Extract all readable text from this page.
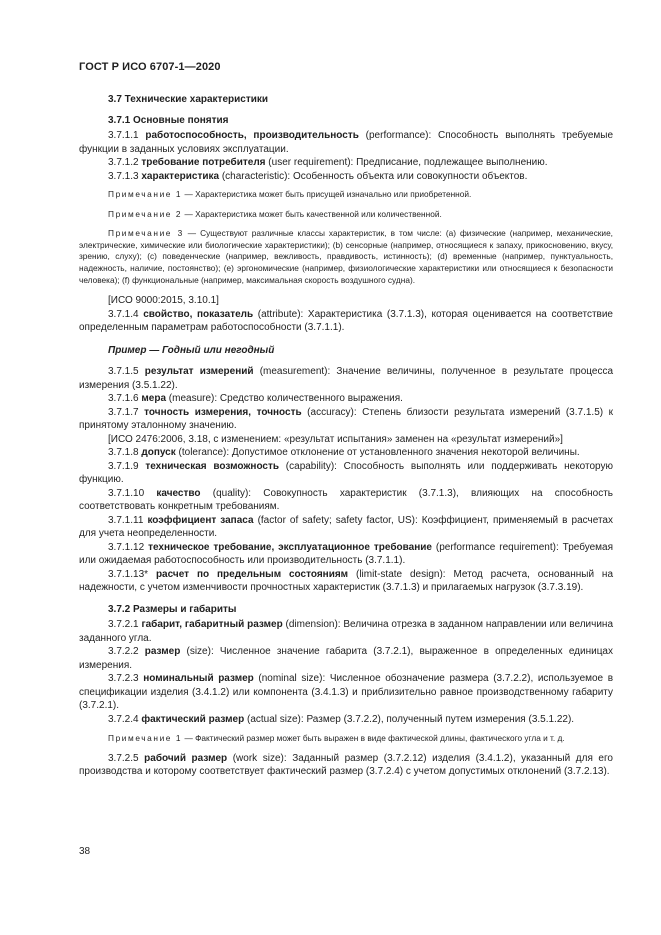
ГОСТ Р ИСО 6707-1—2020
3.7 Технические характеристики
3.7.1 Основные понятия
3.7.1.1 работоспособность, производительность (performance): Способность выполнять требуемые функции в заданных условиях эксплуатации.
3.7.1.2 требование потребителя (user requirement): Предписание, подлежащее выполнению.
3.7.1.3 характеристика (characteristic): Особенность объекта или совокупности объектов.
Примечание 1 — Характеристика может быть присущей изначально или приобретенной.
Примечание 2 — Характеристика может быть качественной или количественной.
Примечание 3 — Существуют различные классы характеристик, в том числе: (a) физические (например, механические, электрические, химические или биологические характеристики); (b) сенсорные (например, относящиеся к запаху, прикосновению, вкусу, зрению, слуху); (c) поведенческие (например, вежливость, правдивость, истинность); (d) временные (например, пунктуальность, надежность, наличие, постоянство); (e) эргономические (например, физиологические характеристики или относящиеся к безопасности человека); (f) функциональные (например, максимальная скорость воздушного судна).
[ИСО 9000:2015, 3.10.1]
3.7.1.4 свойство, показатель (attribute): Характеристика (3.7.1.3), которая оценивается на соответствие определенным параметрам работоспособности (3.7.1.1).
Пример — Годный или негодный
3.7.1.5 результат измерений (measurement): Значение величины, полученное в результате процесса измерения (3.5.1.22).
3.7.1.6 мера (measure): Средство количественного выражения.
3.7.1.7 точность измерения, точность (accuracy): Степень близости результата измерений (3.7.1.5) к принятому эталонному значению.
[ИСО 2476:2006, 3.18, с изменением: «результат испытания» заменен на «результат измерений»]
3.7.1.8 допуск (tolerance): Допустимое отклонение от установленного значения некоторой величины.
3.7.1.9 техническая возможность (capability): Способность выполнять или поддерживать некоторую функцию.
3.7.1.10 качество (quality): Совокупность характеристик (3.7.1.3), влияющих на способность соответствовать конкретным требованиям.
3.7.1.11 коэффициент запаса (factor of safety; safety factor, US): Коэффициент, применяемый в расчетах для учета неопределенности.
3.7.1.12 техническое требование, эксплуатационное требование (performance requirement): Требуемая или ожидаемая работоспособность или производительность (3.7.1.1).
3.7.1.13* расчет по предельным состояниям (limit-state design): Метод расчета, основанный на надежности, с учетом изменчивости прочностных характеристик (3.7.1.3) и прилагаемых нагрузок (3.7.3.19).
3.7.2 Размеры и габариты
3.7.2.1 габарит, габаритный размер (dimension): Величина отрезка в заданном направлении или величина заданного угла.
3.7.2.2 размер (size): Численное значение габарита (3.7.2.1), выраженное в определенных единицах измерения.
3.7.2.3 номинальный размер (nominal size): Численное обозначение размера (3.7.2.2), используемое в спецификации изделия (3.4.1.2) или компонента (3.4.1.3) и приблизительно равное производственному габариту (3.7.2.1).
3.7.2.4 фактический размер (actual size): Размер (3.7.2.2), полученный путем измерения (3.5.1.22).
Примечание 1 — Фактический размер может быть выражен в виде фактической длины, фактического угла и т. д.
3.7.2.5 рабочий размер (work size): Заданный размер (3.7.2.12) изделия (3.4.1.2), указанный для его производства и которому соответствует фактический размер (3.7.2.4) с учетом допустимых отклонений (3.7.2.13).
38
